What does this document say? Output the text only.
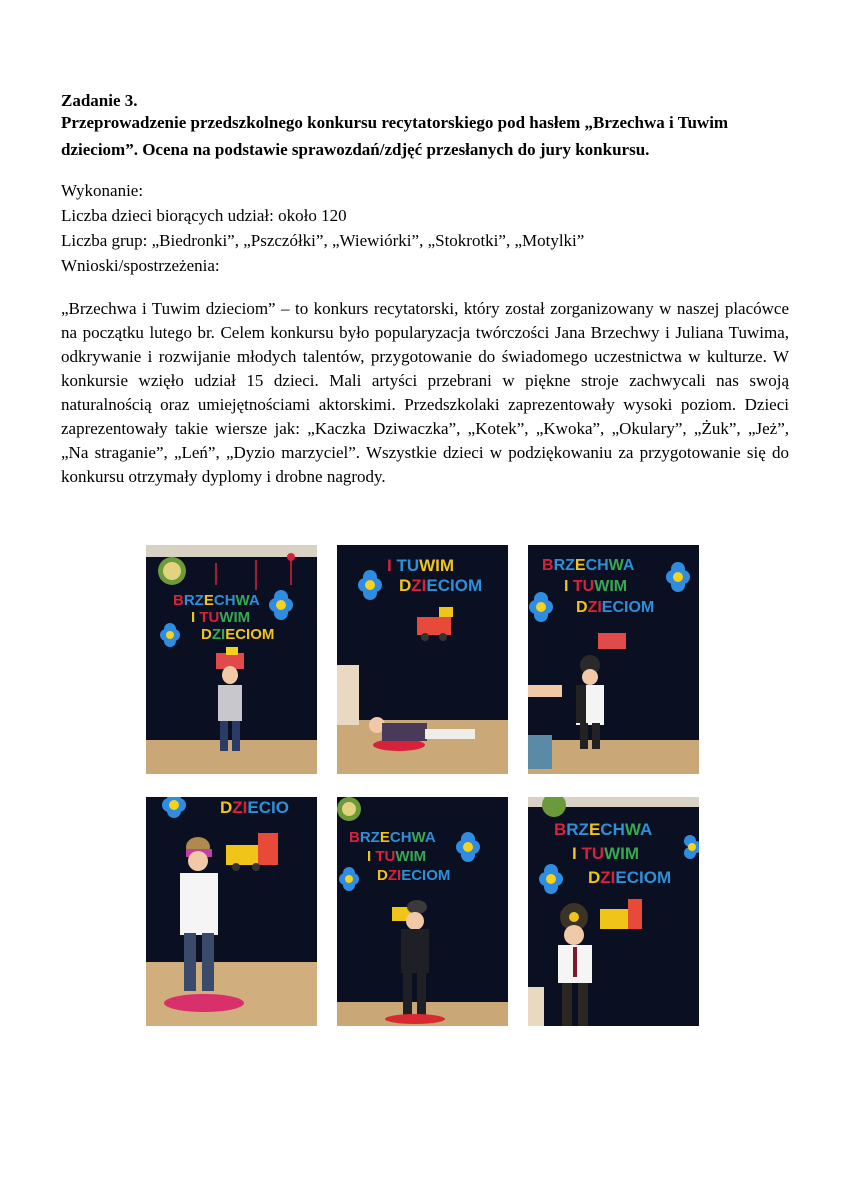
Zadanie 3.

Przeprowadzenie przedszkolnego konkursu recytatorskiego pod hasłem „Brzechwa i Tuwim dzieciom”. Ocena na podstawie sprawozdań/zdjęć przesłanych do jury konkursu.

Wykonanie:

Liczba dzieci biorących udział: około 120

Liczba grup: „Biedronki”, „Pszczółki”, „Wiewiórki”, „Stokrotki”, „Motylki”

Wnioski/spostrzeżenia:

„Brzechwa i Tuwim dzieciom” – to konkurs recytatorski, który został zorganizowany w naszej placówce na początku lutego br. Celem konkursu było popularyzacja twórczości Jana Brzechwy i Juliana Tuwima, odkrywanie i rozwijanie młodych talentów, przygotowanie do świadomego uczestnictwa w kulturze. W konkursie wzięło udział 15 dzieci. Mali artyści przebrani w piękne stroje zachwycali nas swoją naturalnością oraz umiejętnościami aktorskimi. Przedszkolaki zaprezentowały wysoki poziom. Dzieci zaprezentowały takie wiersze jak: „Kaczka Dziwaczka”, „Kotek”, „Kwoka”, „Okulary”, „Żuk”, „Jeż”, „Na straganie”, „Leń”, „Dyzio marzyciel”. Wszystkie dzieci w podziękowaniu za przygotowanie się do konkursu otrzymały dyplomy i drobne nagrody.

BRZECHWA
I TUWIM
DZIECIOM
I TUWIM
DZIECIOM
BRZECHWA
I TUWIM
DZIECIOM
DZIECIO
BRZECHWA
I TUWIM
DZIECIOM
BRZECHWA
I TUWIM
DZIECIOM
